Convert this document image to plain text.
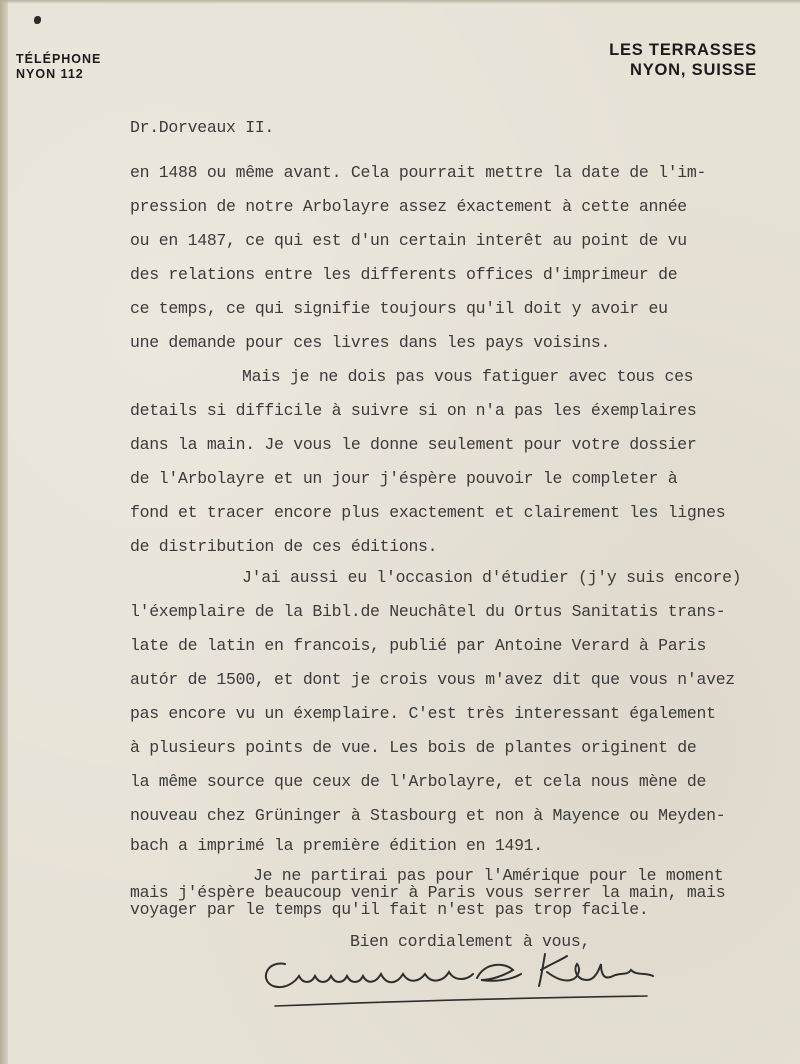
TÉLÉPHONE
NYON 112
LES TERRASSES
NYON, SUISSE
Dr.Dorveaux II.
en 1488 ou même avant. Cela pourrait mettre la date de l'im-
pression de notre Arbolayre assez éxactement à cette année
ou en 1487, ce qui est d'un certain interêt au point de vu
des relations entre les differents offices d'imprimeur de
ce temps, ce qui signifie toujours qu'il doit y avoir eu
une demande pour ces livres dans les pays voisins.
Mais je ne dois pas vous fatiguer avec tous ces
details si difficile à suivre si on n'a pas les éxemplaires
dans la main. Je vous le donne seulement pour votre dossier
de l'Arbolayre et un jour j'éspère pouvoir le completer à
fond et tracer encore plus exactement et clairement les lignes
de distribution de ces éditions.
J'ai aussi eu l'occasion d'étudier (j'y suis encore)
l'éxemplaire de la Bibl.de Neuchâtel du Ortus Sanitatis trans-
late de latin en francois, publié par Antoine Verard à Paris
autór de 1500, et dont je crois vous m'avez dit que vous n'avez
pas encore vu un éxemplaire. C'est très interessant également
à plusieurs points de vue. Les bois de plantes originent de
la même source que ceux de l'Arbolayre, et cela nous mène de
nouveau chez Grüninger à Stasbourg et non à Mayence ou Meyden-
bach a imprimé la première édition en 1491.
Je ne partirai pas pour l'Amérique pour le moment
mais j'éspère beaucoup venir à Paris vous serrer la main, mais
voyager par le temps qu'il fait n'est pas trop facile.
Bien cordialement à vous,
